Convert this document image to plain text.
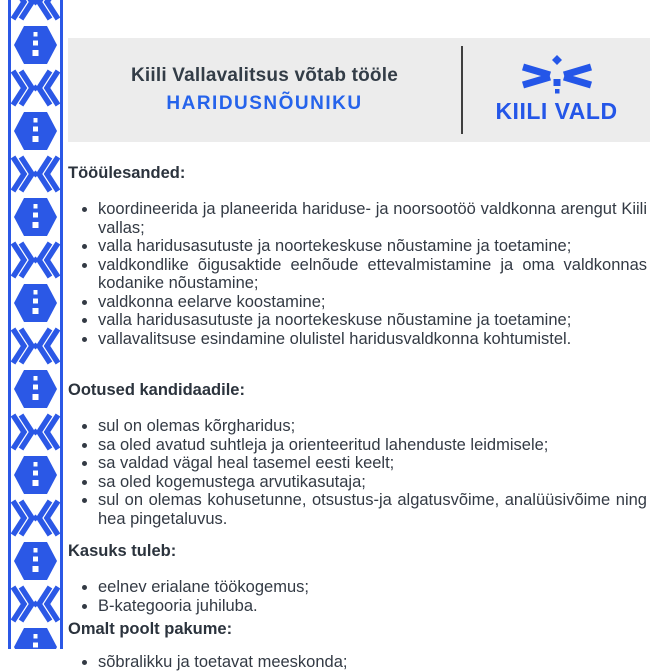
Kiili Vallavalitsus võtab tööle
HARIDUSNÕUNIKU	KIILI VALD
Tööülesanded:
• koordineerida ja planeerida hariduse- ja noorsootöö valdkonna arengut Kiili vallas;
• valla haridusasutuste ja noortekeskuse nõustamine ja toetamine;
• valdkondlike õigusaktide eelnõude ettevalmistamine ja oma valdkonnas kodanike nõustamine;
• valdkonna eelarve koostamine;
• valla haridusasutuste ja noortekeskuse nõustamine ja toetamine;
• vallavalitsuse esindamine olulistel haridusvaldkonna kohtumistel.
Ootused kandidaadile:
• sul on olemas kõrgharidus;
• sa oled avatud suhtleja ja orienteeritud lahenduste leidmisele;
• sa valdad vägal heal tasemel eesti keelt;
• sa oled kogemustega arvutikasutaja;
• sul on olemas kohusetunne, otsustus-ja algatusvõime, analüüsivõime ning hea pingetaluvus.
Kasuks tuleb:
• eelnev erialane töökogemus;
• B-kategooria juhiluba.
Omalt poolt pakume:
• sõbralikku ja toetavat meeskonda;
